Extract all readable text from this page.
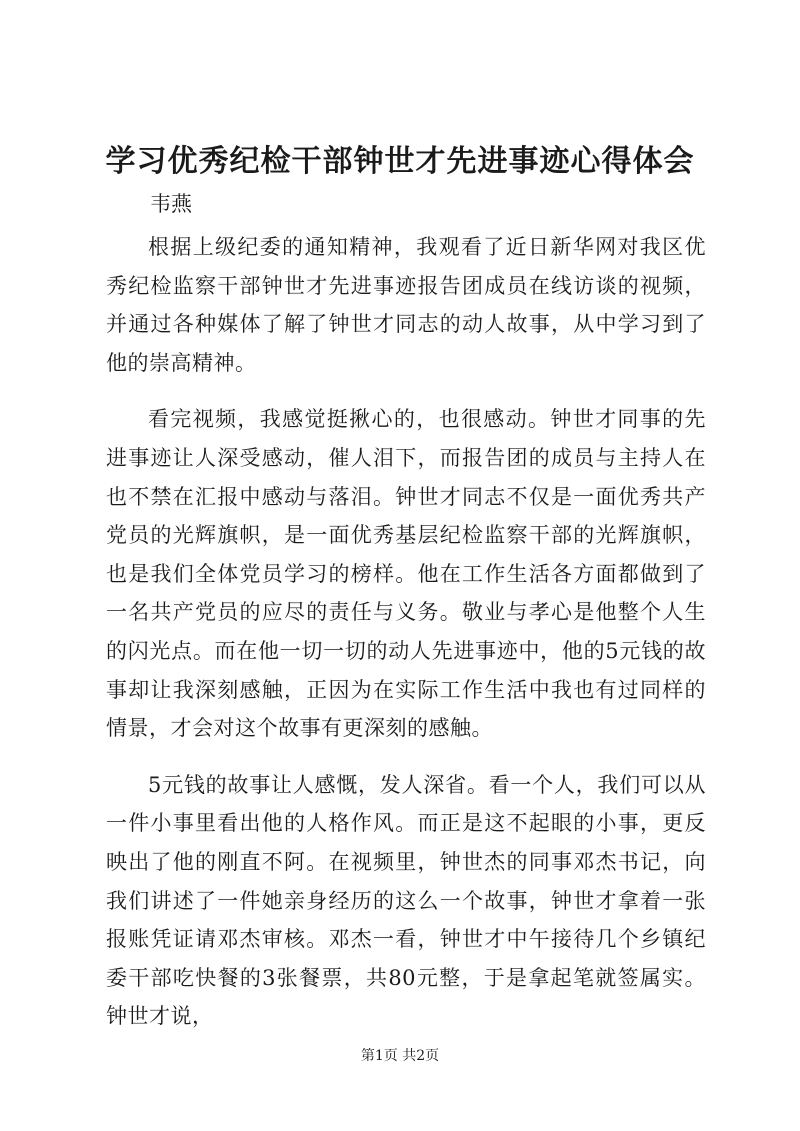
学习优秀纪检干部钟世才先进事迹心得体会

韦燕

根据上级纪委的通知精神，我观看了近日新华网对我区优秀纪检监察干部钟世才先进事迹报告团成员在线访谈的视频，并通过各种媒体了解了钟世才同志的动人故事，从中学习到了他的崇高精神。

看完视频，我感觉挺揪心的，也很感动。钟世才同事的先进事迹让人深受感动，催人泪下，而报告团的成员与主持人在也不禁在汇报中感动与落泪。钟世才同志不仅是一面优秀共产党员的光辉旗帜，是一面优秀基层纪检监察干部的光辉旗帜，也是我们全体党员学习的榜样。他在工作生活各方面都做到了一名共产党员的应尽的责任与义务。敬业与孝心是他整个人生的闪光点。而在他一切一切的动人先进事迹中，他的5元钱的故事却让我深刻感触，正因为在实际工作生活中我也有过同样的情景，才会对这个故事有更深刻的感触。

5元钱的故事让人感慨，发人深省。看一个人，我们可以从一件小事里看出他的人格作风。而正是这不起眼的小事，更反映出了他的刚直不阿。在视频里，钟世杰的同事邓杰书记，向我们讲述了一件她亲身经历的这么一个故事，钟世才拿着一张报账凭证请邓杰审核。邓杰一看，钟世才中午接待几个乡镇纪委干部吃快餐的3张餐票，共80元整，于是拿起笔就签属实。钟世才说，

第1页 共2页
